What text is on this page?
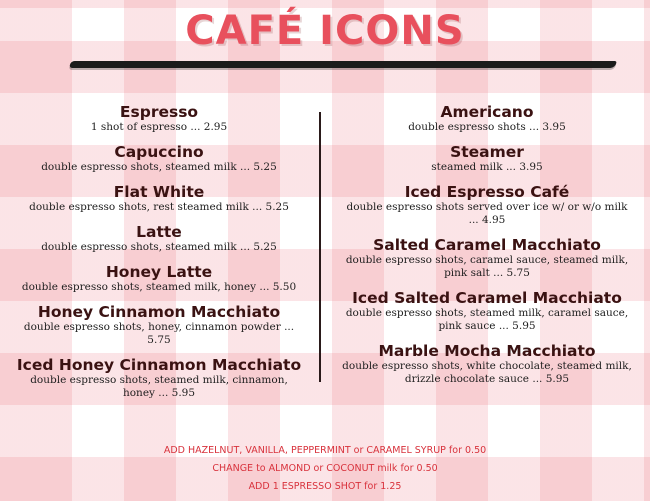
CAFÉ ICONS
Espresso
1 shot of espresso ... 2.95
Capuccino
double espresso shots, steamed milk ... 5.25
Flat White
double espresso shots, rest steamed milk ... 5.25
Latte
double espresso shots, steamed milk ... 5.25
Honey Latte
double espresso shots, steamed milk, honey ... 5.50
Honey Cinnamon Macchiato
double espresso shots, honey, cinnamon powder ... 5.75
Iced Honey Cinnamon Macchiato
double espresso shots, steamed milk, cinnamon, honey ... 5.95
Americano
double espresso shots ... 3.95
Steamer
steamed milk ... 3.95
Iced Espresso Café
double espresso shots served over ice w/ or w/o milk ... 4.95
Salted Caramel Macchiato
double espresso shots, caramel sauce, steamed milk, pink salt ... 5.75
Iced Salted Caramel Macchiato
double espresso shots, steamed milk, caramel sauce, pink sauce ... 5.95
Marble Mocha Macchiato
double espresso shots, white chocolate, steamed milk, drizzle chocolate sauce ... 5.95
ADD HAZELNUT, VANILLA, PEPPERMINT or CARAMEL SYRUP for 0.50
CHANGE to ALMOND or COCONUT milk for 0.50
ADD 1 ESPRESSO SHOT for 1.25
